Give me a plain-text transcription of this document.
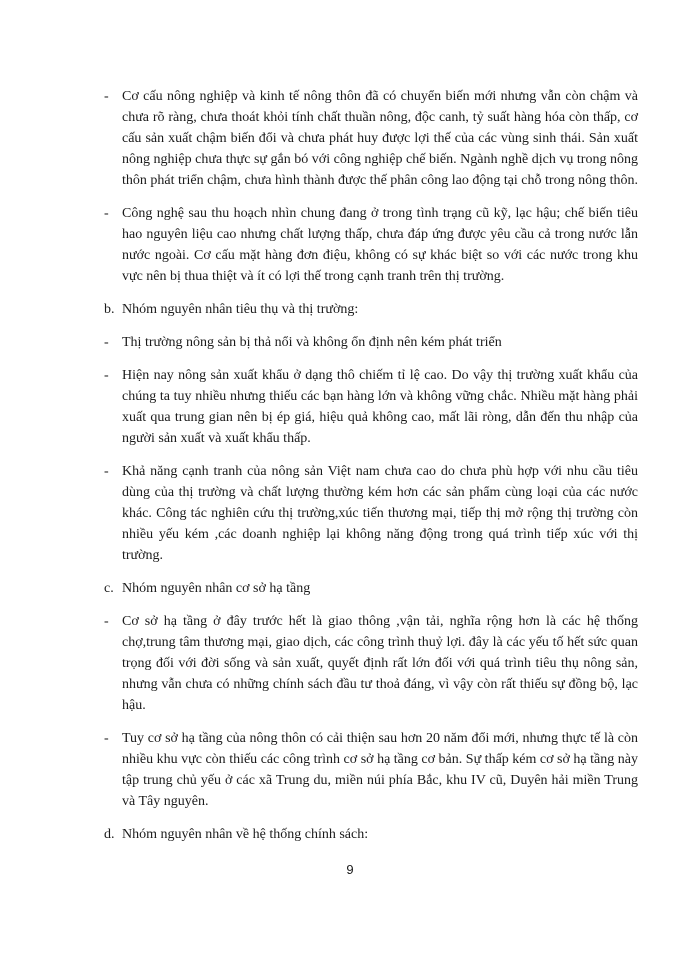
- Cơ cấu nông nghiệp và kinh tế nông thôn đã có chuyển biến mới nhưng vẫn còn chậm và chưa rõ ràng, chưa thoát khỏi tính chất thuần nông, độc canh, tỷ suất hàng hóa còn thấp, cơ cấu sản xuất chậm biến đổi và chưa phát huy được lợi thế của các vùng sinh thái. Sản xuất nông nghiệp chưa thực sự gắn bó với công nghiệp chế biến. Ngành nghề dịch vụ trong nông thôn phát triển chậm, chưa hình thành được thế phân công lao động tại chỗ trong nông thôn.
- Công nghệ sau thu hoạch nhìn chung đang ở trong tình trạng cũ kỹ, lạc hậu; chế biến tiêu hao nguyên liệu cao nhưng chất lượng thấp, chưa đáp ứng được yêu cầu cả trong nước lẫn nước ngoài. Cơ cấu mặt hàng đơn điệu, không có sự khác biệt so với các nước trong khu vực nên bị thua thiệt và ít có lợi thế trong cạnh tranh trên thị trường.
b. Nhóm nguyên nhân tiêu thụ và thị trường:
- Thị trường nông sản bị thả nổi và không ổn định nên kém phát triển
- Hiện nay nông sản xuất khẩu ở dạng thô chiếm tỉ lệ cao. Do vậy thị trường xuất khẩu của chúng ta tuy nhiều nhưng thiếu các bạn hàng lớn và không vững chắc. Nhiều mặt hàng phải xuất qua trung gian nên bị ép giá, hiệu quả không cao, mất lãi ròng, dẫn đến thu nhập của người sản xuất và xuất khẩu thấp.
- Khả năng cạnh tranh của nông sản Việt nam chưa cao do chưa phù hợp với nhu cầu tiêu dùng của thị trường và chất lượng thường kém hơn các sản phẩm cùng loại của các nước khác. Công tác nghiên cứu thị trường,xúc tiến thương mại, tiếp thị mở rộng thị trường còn nhiều yếu kém ,các doanh nghiệp lại không năng động trong quá trình tiếp xúc với thị trường.
c. Nhóm nguyên nhân cơ sở hạ tầng
- Cơ sở hạ tầng ở đây trước hết là giao thông ,vận tải, nghĩa rộng hơn là các hệ thống chợ,trung tâm thương mại, giao dịch, các công trình thuỷ lợi. đây là các yếu tố hết sức quan trọng đối với đời sống và sản xuất, quyết định rất lớn đối với quá trình tiêu thụ nông sản, nhưng vẫn chưa có những chính sách đầu tư thoả đáng, vì vậy còn rất thiếu sự đồng bộ, lạc hậu.
- Tuy cơ sở hạ tầng của nông thôn có cải thiện sau hơn 20 năm đổi mới, nhưng thực tế là còn nhiều khu vực còn thiếu các công trình cơ sở hạ tầng cơ bản. Sự thấp kém cơ sở hạ tầng này tập trung chủ yếu ở các xã Trung du, miền núi phía Bắc, khu IV cũ, Duyên hải miền Trung và Tây nguyên.
d. Nhóm nguyên nhân về hệ thống chính sách:
9
